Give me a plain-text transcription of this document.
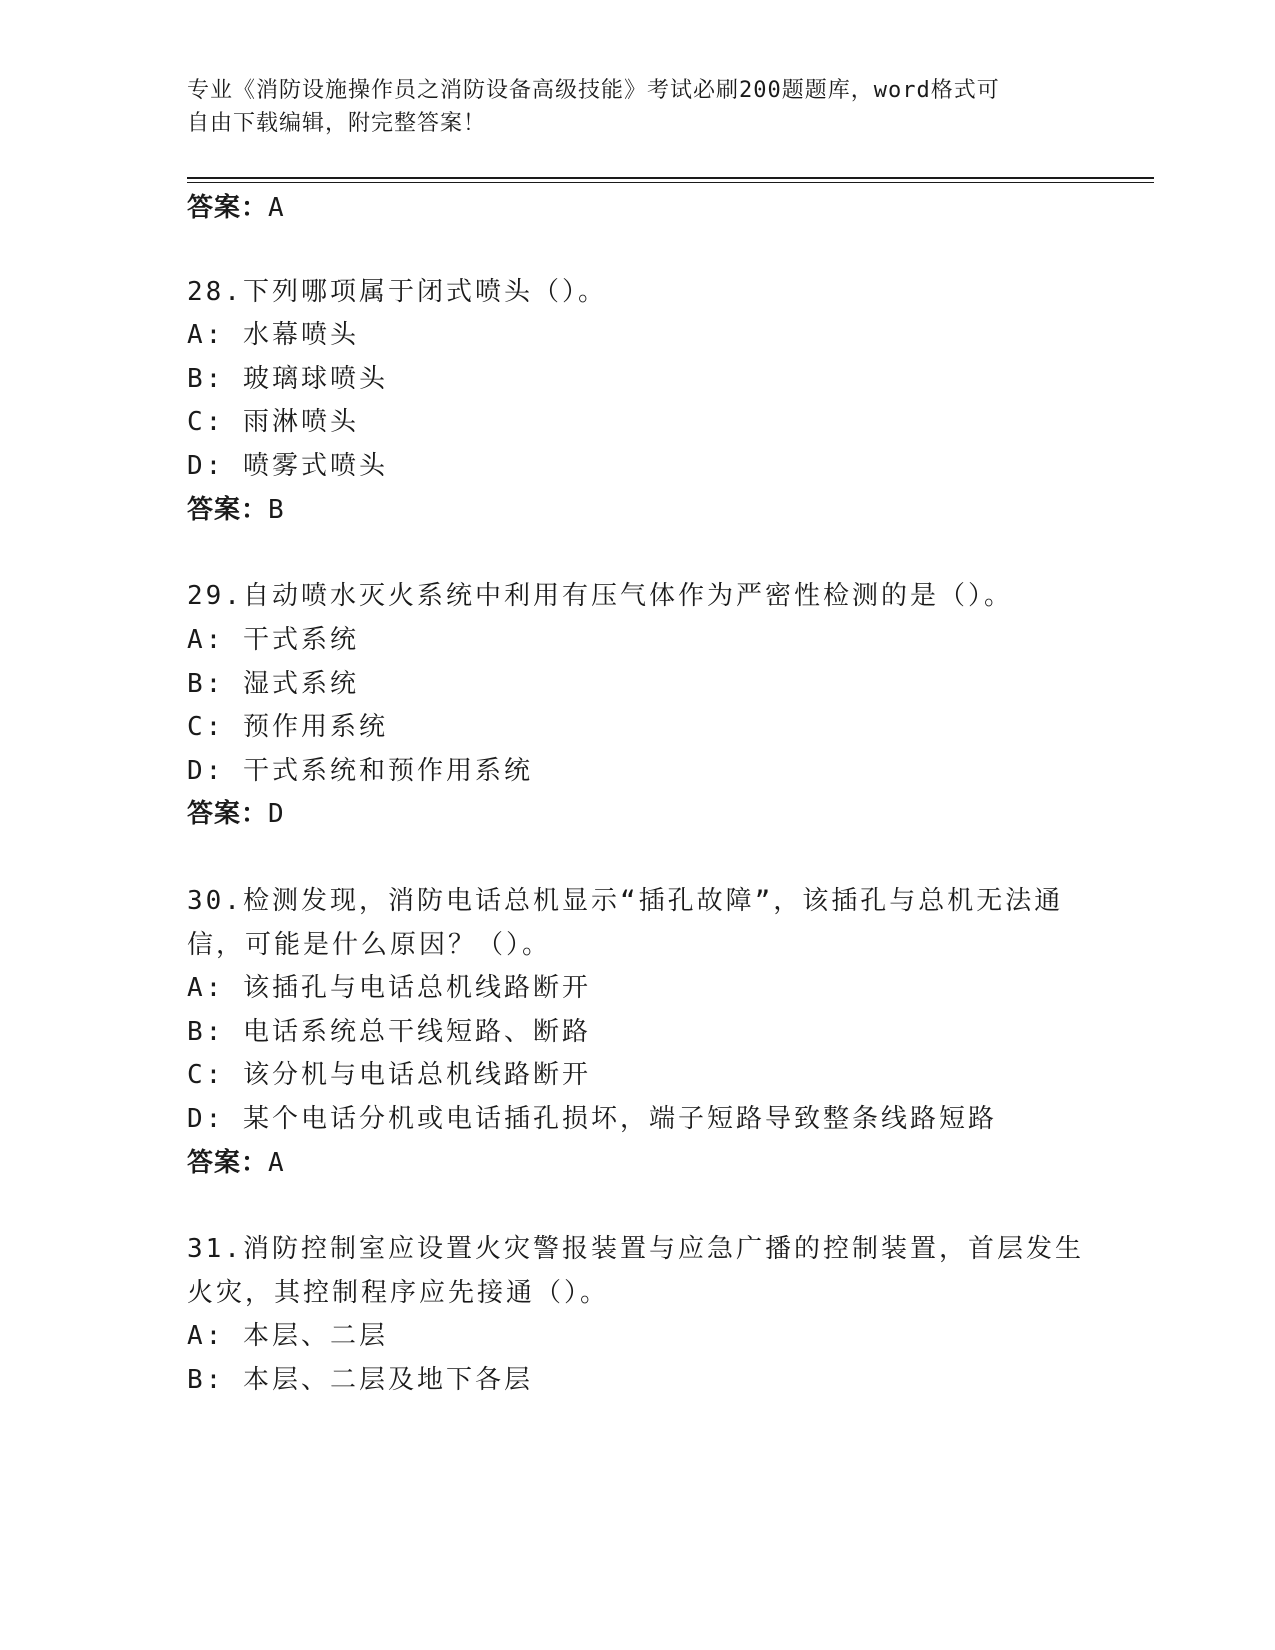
专业《消防设施操作员之消防设备高级技能》考试必刷200题题库，word格式可
自由下载编辑，附完整答案！
答案：A
28.下列哪项属于闭式喷头（）。
A: 水幕喷头
B: 玻璃球喷头
C: 雨淋喷头
D: 喷雾式喷头
答案：B
29.自动喷水灭火系统中利用有压气体作为严密性检测的是（）。
A: 干式系统
B: 湿式系统
C: 预作用系统
D: 干式系统和预作用系统
答案：D
30.检测发现，消防电话总机显示“插孔故障”，该插孔与总机无法通
信，可能是什么原因？（）。
A: 该插孔与电话总机线路断开
B: 电话系统总干线短路、断路
C: 该分机与电话总机线路断开
D: 某个电话分机或电话插孔损坏，端子短路导致整条线路短路
答案：A
31.消防控制室应设置火灾警报装置与应急广播的控制装置，首层发生
火灾，其控制程序应先接通（）。
A: 本层、二层
B: 本层、二层及地下各层
